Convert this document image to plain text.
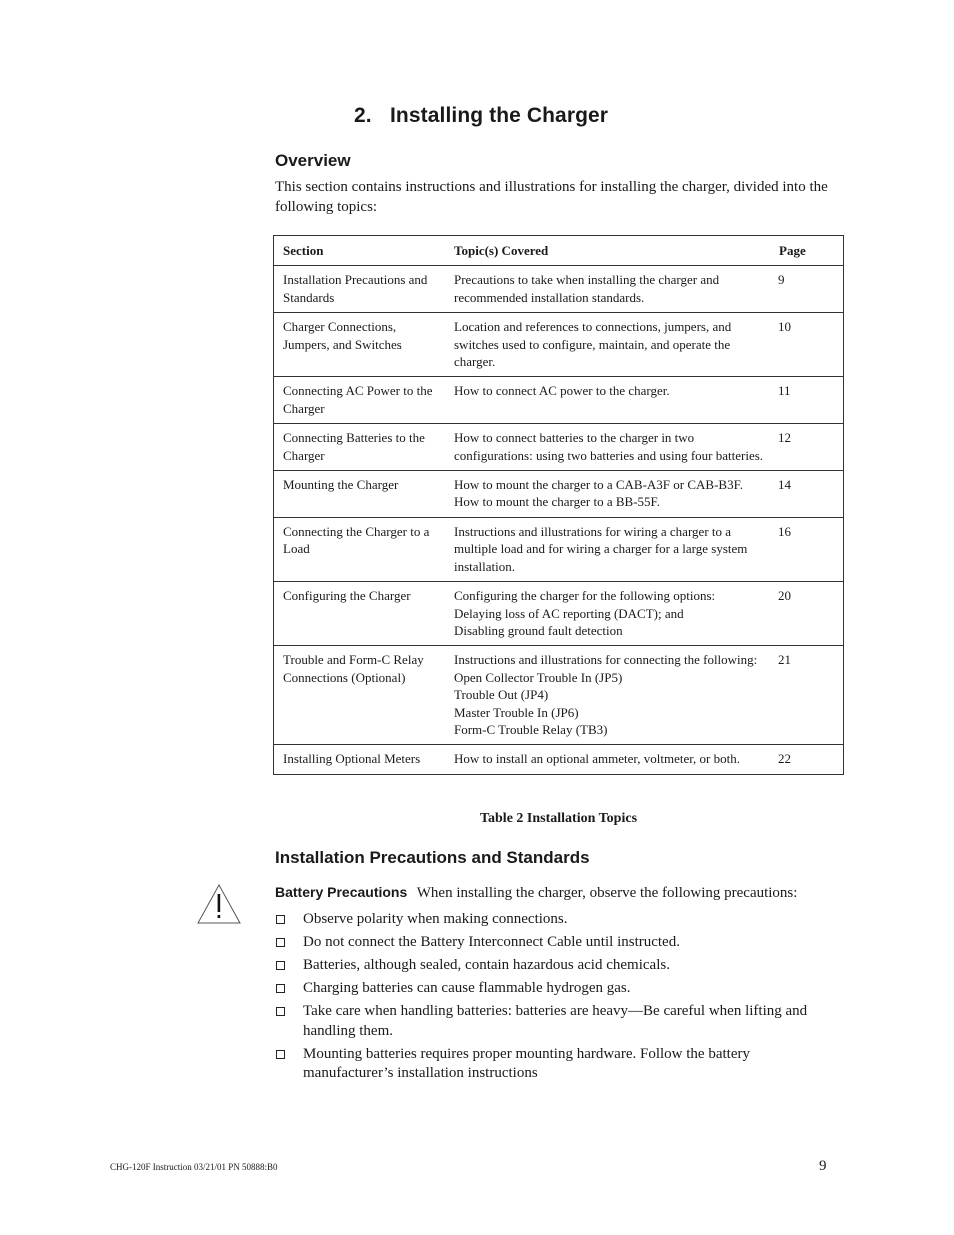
2. Installing the Charger
Overview

This section contains instructions and illustrations for installing the charger, divided into the following topics:

Section	Topic(s) Covered	Page
Installation Precautions and Standards	Precautions to take when installing the charger and recommended installation standards.	9
Charger Connections, Jumpers, and Switches	Location and references to connections, jumpers, and switches used to configure, maintain, and operate the charger.	10
Connecting AC Power to the Charger	How to connect AC power to the charger.	11
Connecting Batteries to the Charger	How to connect batteries to the charger in two configurations: using two batteries and using four batteries.	12
Mounting the Charger	How to mount the charger to a CAB-A3F or CAB-B3F.
How to mount the charger to a BB-55F.	14
Connecting the Charger to a Load	Instructions and illustrations for wiring a charger to a multiple load and for wiring a charger for a large system installation.	16
Configuring the Charger	Configuring the charger for the following options:
Delaying loss of AC reporting (DACT); and
Disabling ground fault detection	20
Trouble and Form-C Relay Connections (Optional)	Instructions and illustrations for connecting the following:
Open Collector Trouble In (JP5)
Trouble Out (JP4)
Master Trouble In (JP6)
Form-C Trouble Relay (TB3)	21
Installing Optional Meters	How to install an optional ammeter, voltmeter, or both.	22

Table 2 Installation Topics

Installation Precautions and Standards

Battery Precautions When installing the charger, observe the following precautions:

Observe polarity when making connections.
Do not connect the Battery Interconnect Cable until instructed.
Batteries, although sealed, contain hazardous acid chemicals.
Charging batteries can cause flammable hydrogen gas.
Take care when handling batteries: batteries are heavy—Be careful when lifting and handling them.
Mounting batteries requires proper mounting hardware. Follow the battery manufacturer’s installation instructions

CHG-120F Instruction 03/21/01 PN 50888:B0	9
